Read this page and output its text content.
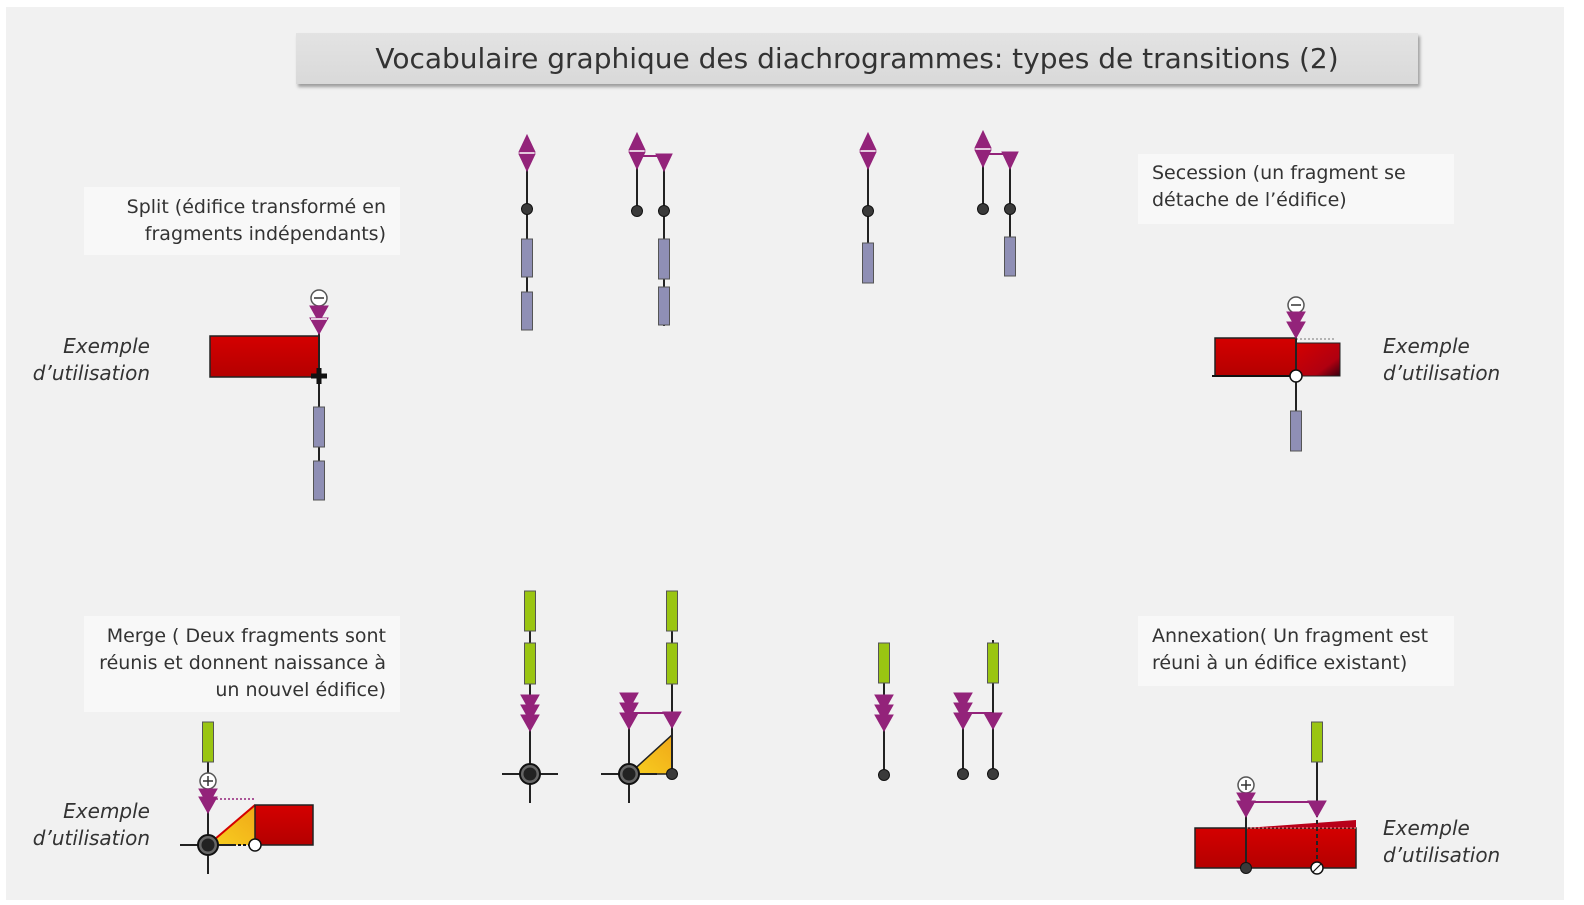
Vocabulaire graphique des diachrogrammes: types de transitions (2)
Split (édifice transformé en
fragments indépendants)
Secession (un fragment se
détache de l’édifice)
Merge ( Deux fragments sont
réunis et donnent naissance à
un nouvel édifice)
Annexation( Un fragment est
réuni à un édifice existant)
Exemple
d’utilisation
Exemple
d’utilisation
Exemple
d’utilisation	Exemple
d’utilisation
